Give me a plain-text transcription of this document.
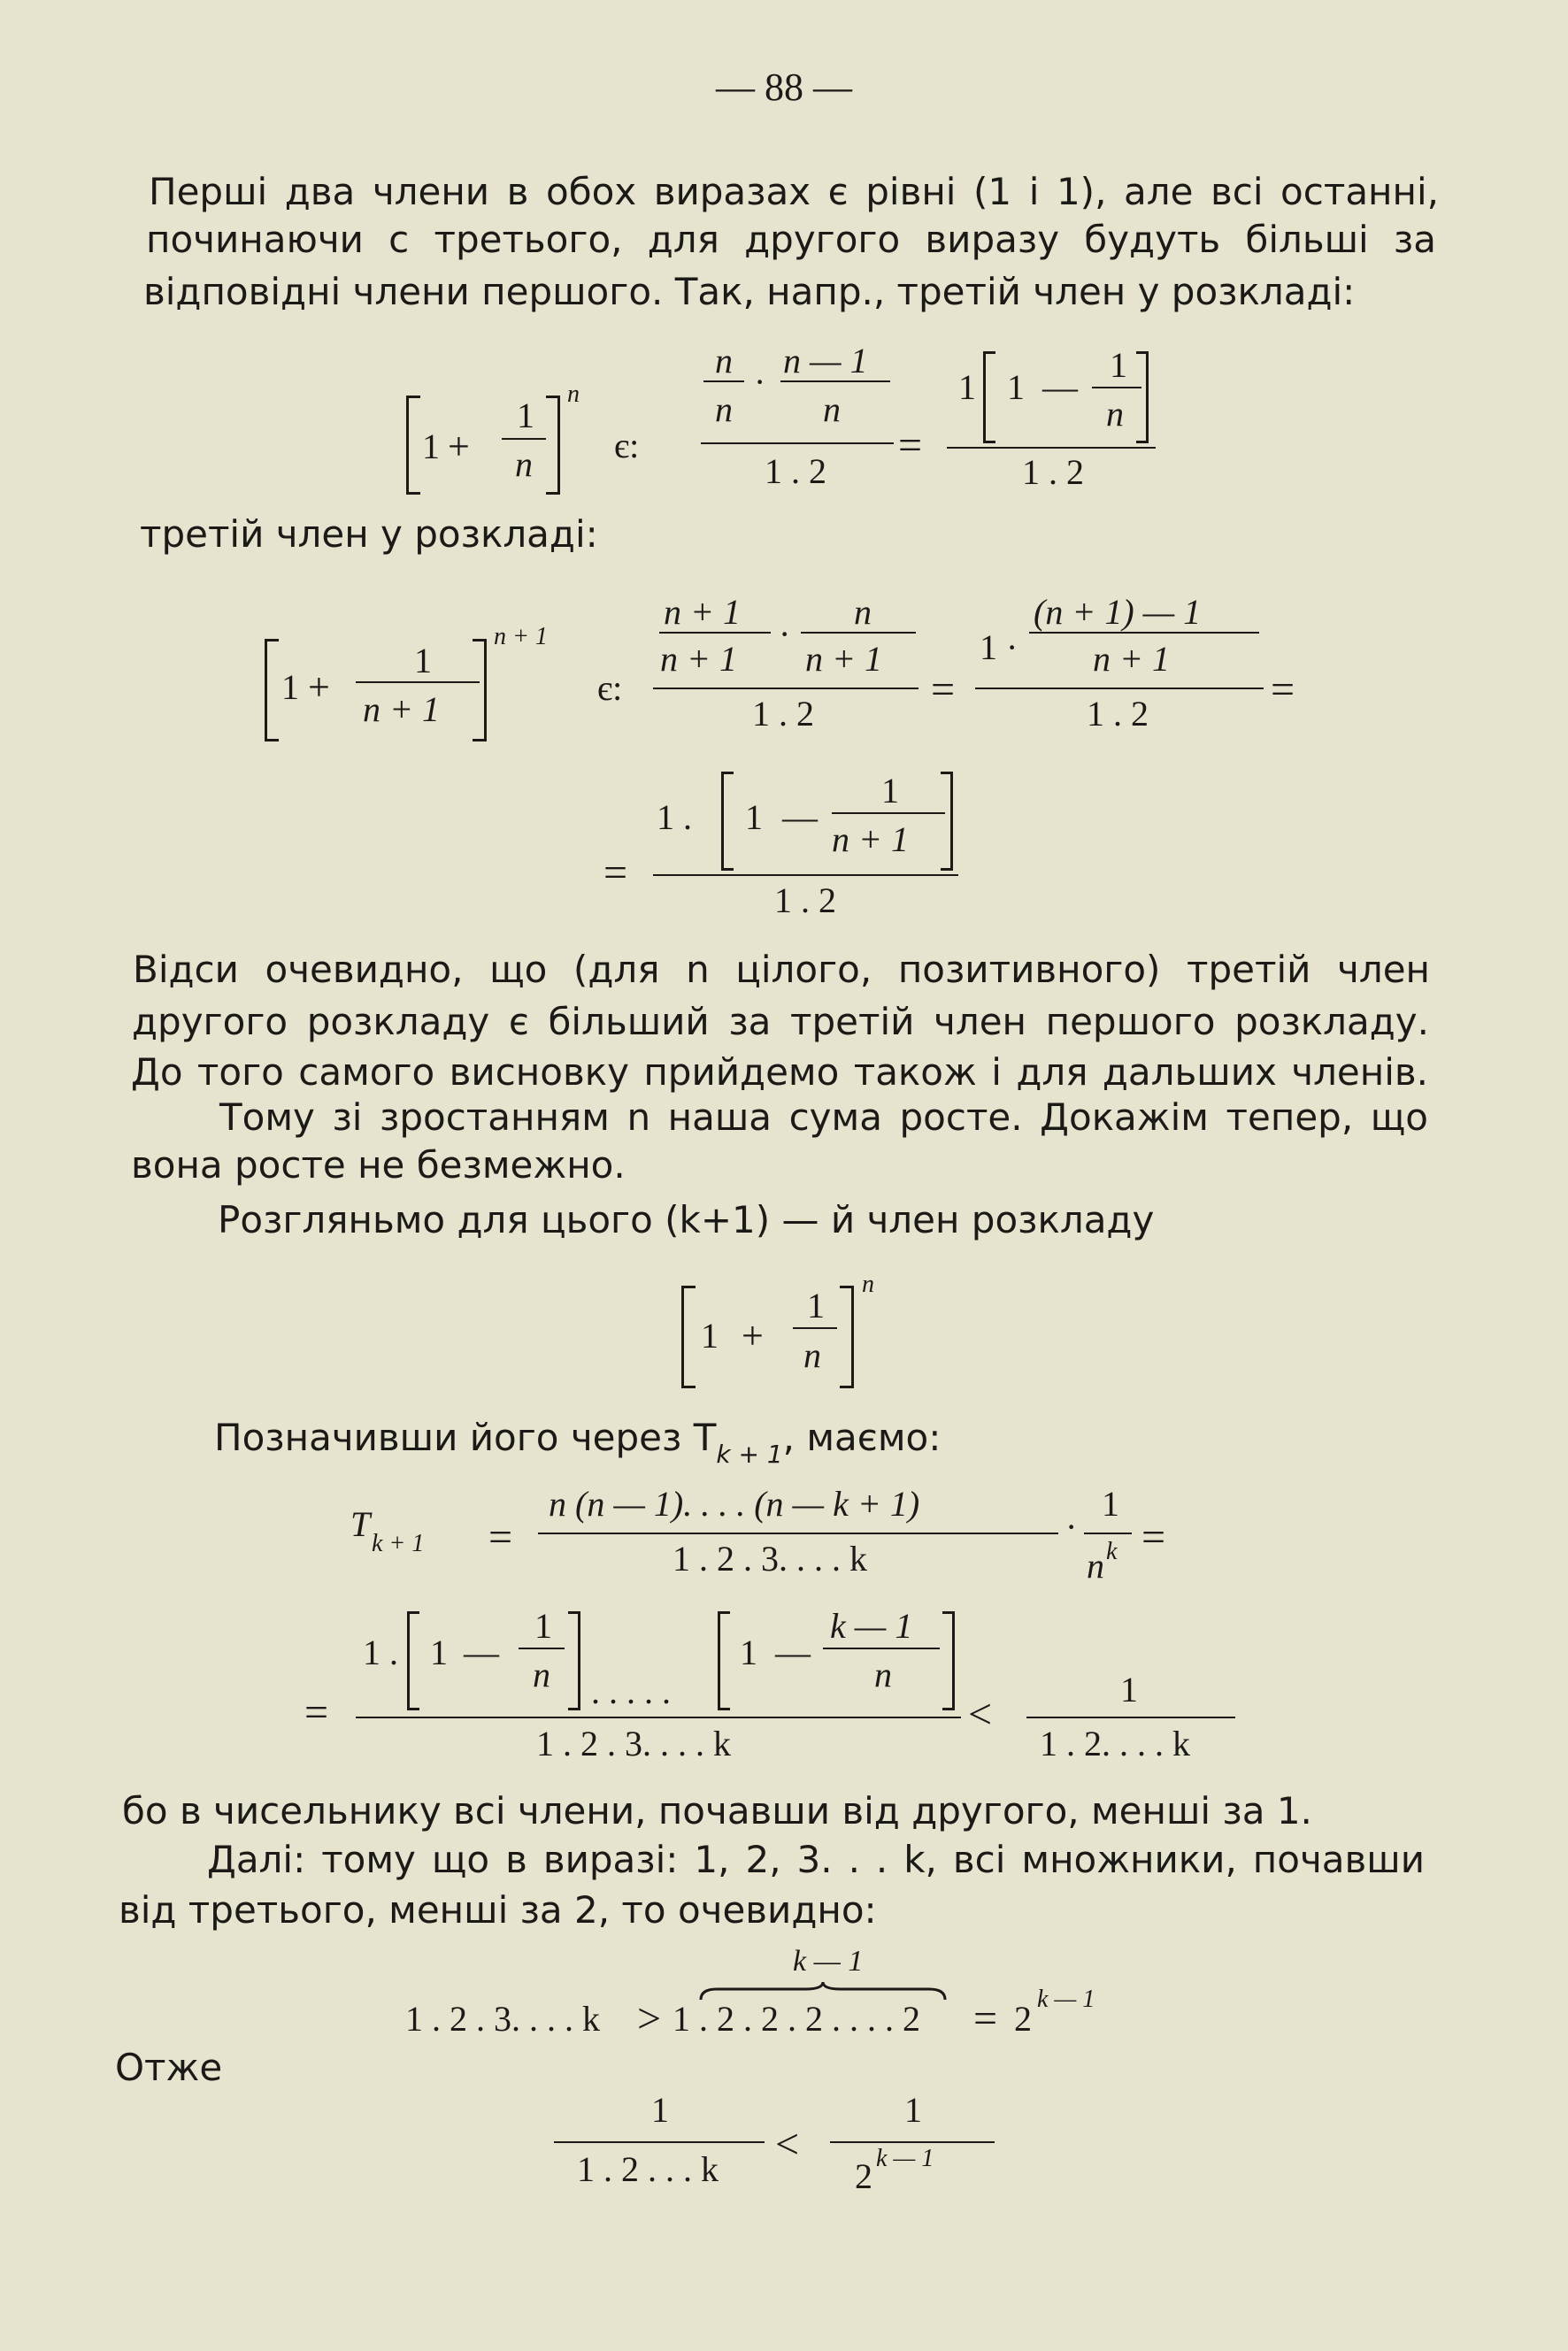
— 88 —
Перші два члени в обох виразах є рівні (1 і 1), але всі останні,
починаючи с третього, для другого виразу будуть більші за
відповідні члени першого. Так, напр., третій член у розкладі:
1 +
1
n
n
є:
n
n
·
n — 1
n
1 . 2
=
1 1 —
1
n
1 . 2
третій член у розкладі:
1 +
1
n + 1
n + 1
є:
n + 1
n + 1
·
n
n + 1
1 . 2
=
1 ·
(n + 1) — 1
n + 1
1 . 2
=
=
1 . 1 —
1
n + 1
1 . 2
Відси очевидно, що (для n цілого, позитивного) третій член
другого розкладу є більший за третій член першого розкладу.
До того самого висновку прийдемо також і для дальших членів.
Тому зі зростанням n наша сума росте. Докажім тепер, що
вона росте не безмежно.
Розгляньмо для цього (k+1) — й член розкладу
1 +
1
n
n
Позначивши його через $T_{k + 1}$, маємо:
T k + 1 =
n (n — 1). . . . (n — k + 1)
1 . 2 . 3. . . . k
·
1
n k =
=
1 . 1 —
1
n . . . . .
1 —
k — 1
n
1 . 2 . 3. . . . k
<
1
1 . 2. . . . k
бо в чисельнику всі члени, почавши від другого, менші за 1.
Далі: тому що в виразі: 1, 2, 3. . . k, всі множники, почавши
від третього, менші за 2, то очевидно:
k — 1
1 . 2 . 3. . . . k > 1 . 2 . 2 . 2 . . . . 2 = 2 k — 1
Отже
1
1 . 2 . . . k
<
1
2 k — 1
